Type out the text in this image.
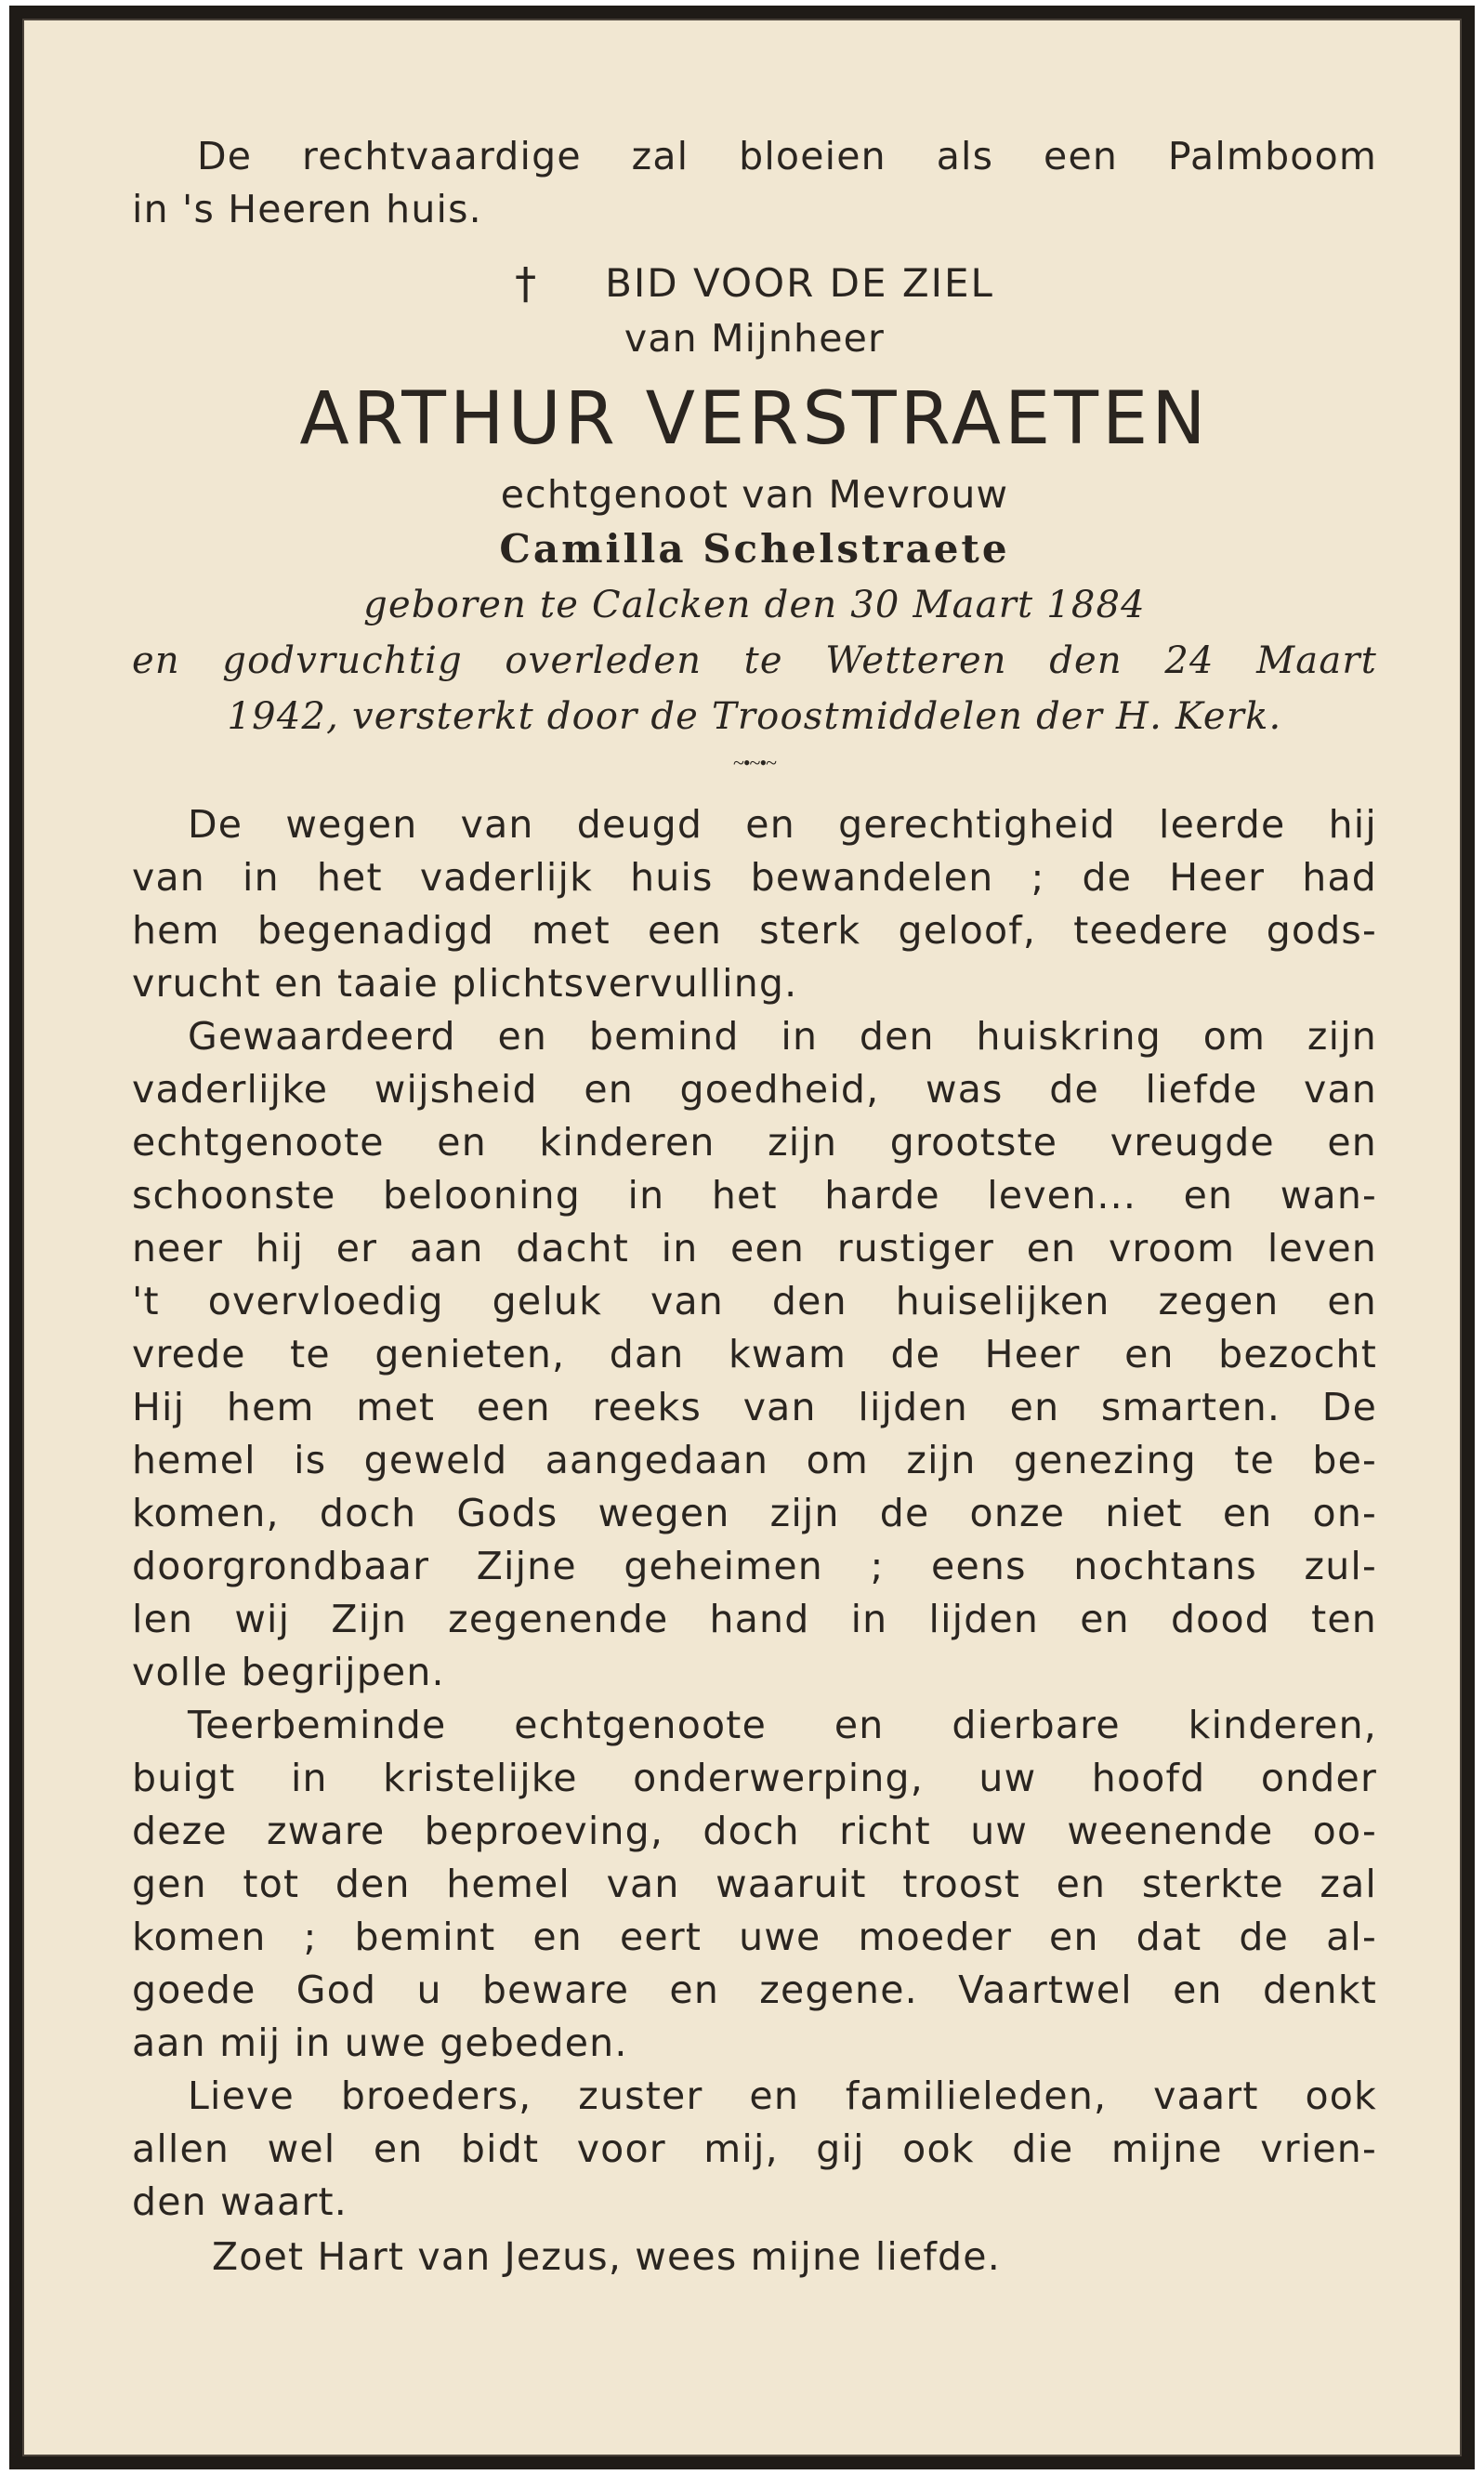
De rechtvaardige zal bloeien als een Palmboom
in 's Heeren huis.
† BID VOOR DE ZIEL
van Mijnheer
ARTHUR VERSTRAETEN
echtgenoot van Mevrouw
Camilla Schelstraete
geboren te Calcken den 30 Maart 1884
en godvruchtig overleden te Wetteren den 24 Maart
1942, versterkt door de Troostmiddelen der H. Kerk.
~•~•~
De wegen van deugd en gerechtigheid leerde hij
van in het vaderlijk huis bewandelen ; de Heer had
hem begenadigd met een sterk geloof, teedere gods-
vrucht en taaie plichtsvervulling.
Gewaardeerd en bemind in den huiskring om zijn
vaderlijke wijsheid en goedheid, was de liefde van
echtgenoote en kinderen zijn grootste vreugde en
schoonste belooning in het harde leven... en wan-
neer hij er aan dacht in een rustiger en vroom leven
't overvloedig geluk van den huiselijken zegen en
vrede te genieten, dan kwam de Heer en bezocht
Hij hem met een reeks van lijden en smarten. De
hemel is geweld aangedaan om zijn genezing te be-
komen, doch Gods wegen zijn de onze niet en on-
doorgrondbaar Zijne geheimen ; eens nochtans zul-
len wij Zijn zegenende hand in lijden en dood ten
volle begrijpen.
Teerbeminde echtgenoote en dierbare kinderen,
buigt in kristelijke onderwerping, uw hoofd onder
deze zware beproeving, doch richt uw weenende oo-
gen tot den hemel van waaruit troost en sterkte zal
komen ; bemint en eert uwe moeder en dat de al-
goede God u beware en zegene. Vaartwel en denkt
aan mij in uwe gebeden.
Lieve broeders, zuster en familieleden, vaart ook
allen wel en bidt voor mij, gij ook die mijne vrien-
den waart.
Zoet Hart van Jezus, wees mijne liefde.
